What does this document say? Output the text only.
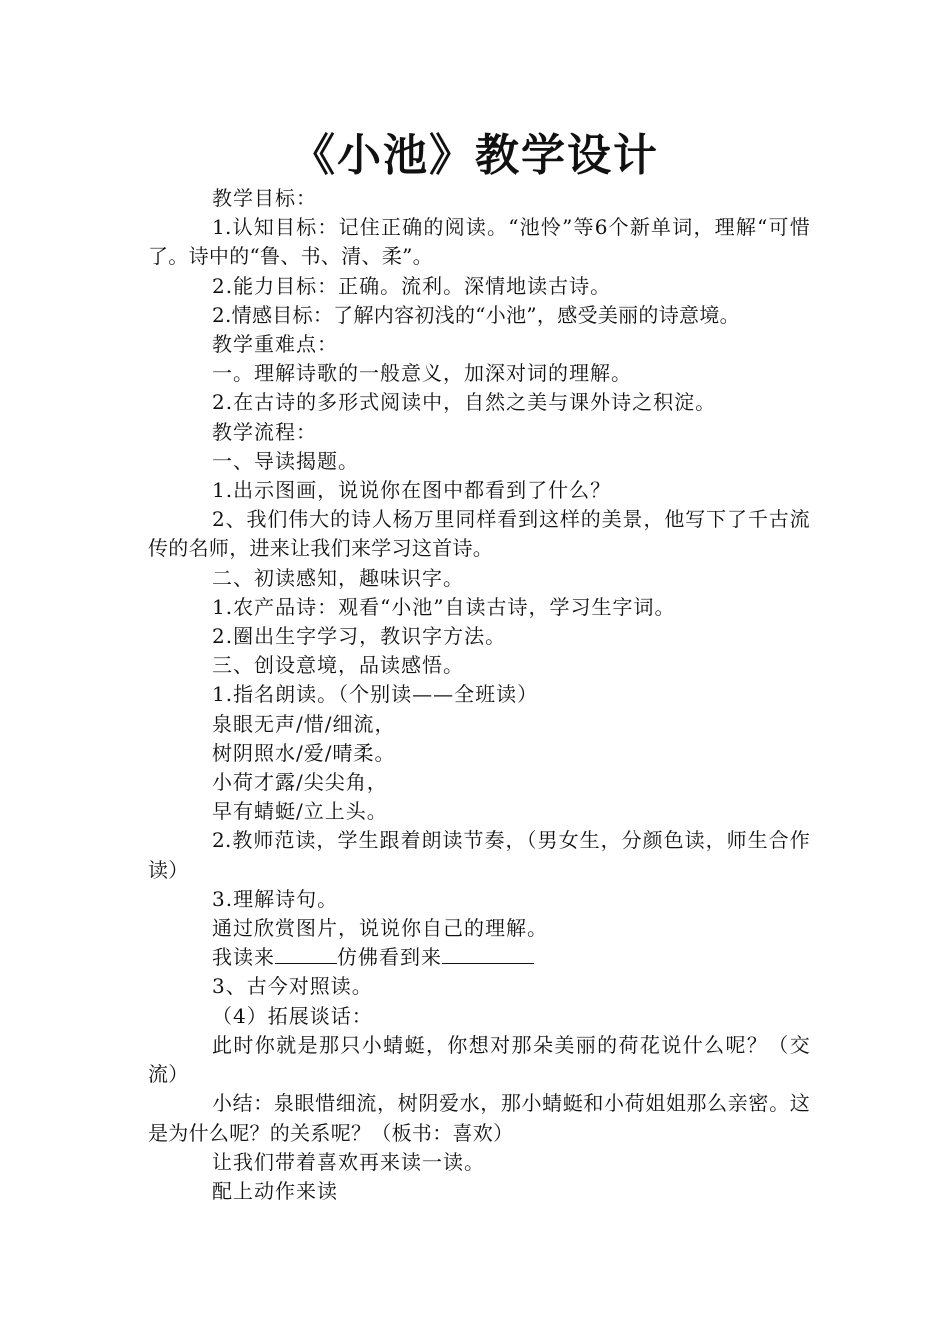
《小池》教学设计

教学目标：

1.认知目标：记住正确的阅读。“池怜”等6个新单词，理解“可惜了。诗中的“鲁、书、清、柔”。

2.能力目标：正确。流利。深情地读古诗。

2.情感目标：了解内容初浅的“小池”，感受美丽的诗意境。

教学重难点：

一。理解诗歌的一般意义，加深对词的理解。

2.在古诗的多形式阅读中，自然之美与课外诗之积淀。

教学流程：

一、导读揭题。

1.出示图画，说说你在图中都看到了什么？

2、我们伟大的诗人杨万里同样看到这样的美景，他写下了千古流传的名师，进来让我们来学习这首诗。

二、初读感知，趣味识字。

1.农产品诗：观看“小池”自读古诗，学习生字词。

2.圈出生字学习，教识字方法。

三、创设意境，品读感悟。

1.指名朗读。（个别读——全班读）

泉眼无声/惜/细流，

树阴照水/爱/晴柔。

小荷才露/尖尖角，

早有蜻蜓/立上头。

2.教师范读，学生跟着朗读节奏，（男女生，分颜色读，师生合作读）

3.理解诗句。

通过欣赏图片，说说你自己的理解。

我读来	仿佛看到来

3、古今对照读。

（4）拓展谈话：

此时你就是那只小蜻蜓，你想对那朵美丽的荷花说什么呢？（交流）

小结：泉眼惜细流，树阴爱水，那小蜻蜓和小荷姐姐那么亲密。这是为什么呢？的关系呢？（板书：喜欢）

让我们带着喜欢再来读一读。

配上动作来读
